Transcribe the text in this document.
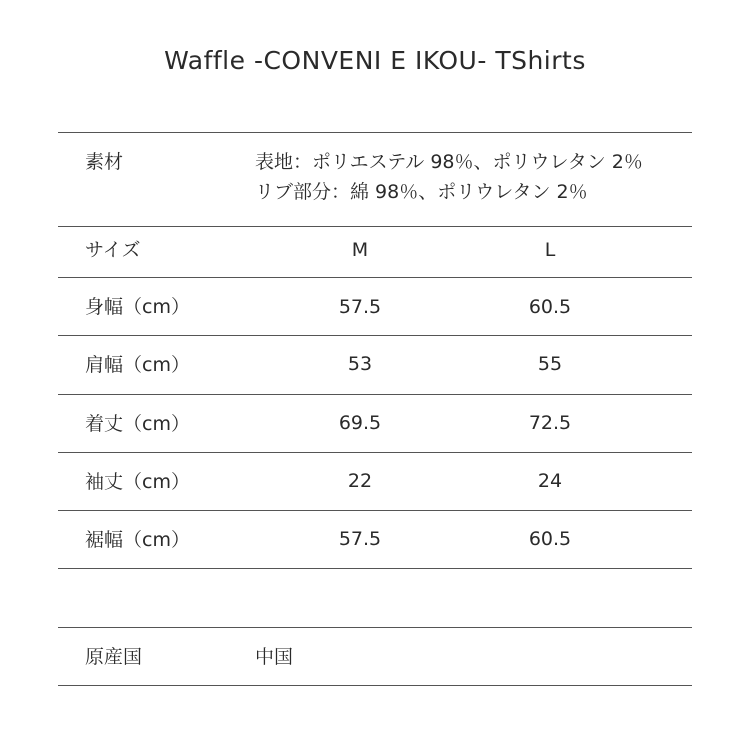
Waffle -CONVENI E IKOU- TShirts
素材	表地：ポリエステル 98％、ポリウレタン 2％
リブ部分：綿 98％、ポリウレタン 2％
サイズ	M	L
身幅（cm）	57.5	60.5
肩幅（cm）	53	55
着丈（cm）	69.5	72.5
袖丈（cm）	22	24
裾幅（cm）	57.5	60.5
原産国	中国
